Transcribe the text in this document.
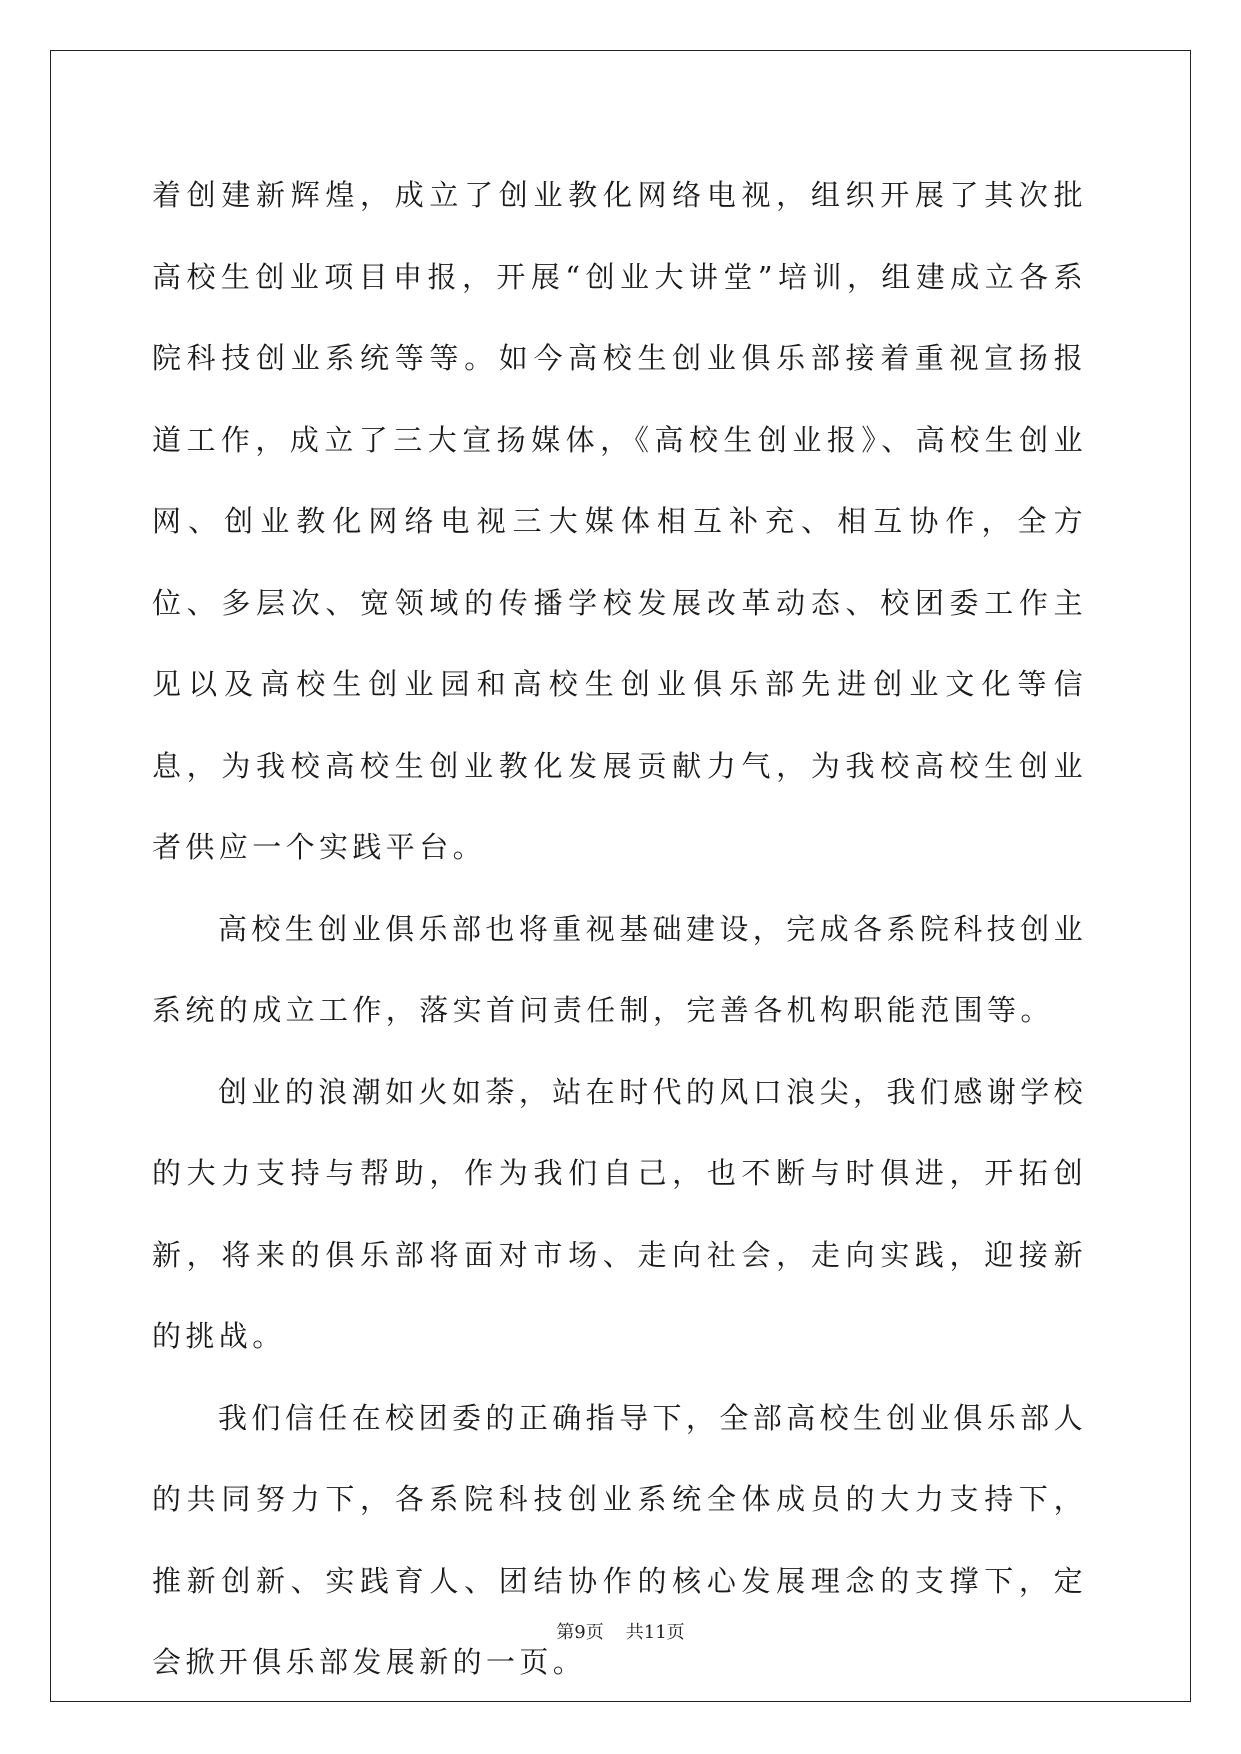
着创建新辉煌，成立了创业教化网络电视，组织开展了其次批高校生创业项目申报，开展“创业大讲堂”培训，组建成立各系院科技创业系统等等。如今高校生创业俱乐部接着重视宣扬报道工作，成立了三大宣扬媒体，《高校生创业报》、高校生创业网、创业教化网络电视三大媒体相互补充、相互协作，全方位、多层次、宽领域的传播学校发展改革动态、校团委工作主见以及高校生创业园和高校生创业俱乐部先进创业文化等信息，为我校高校生创业教化发展贡献力气，为我校高校生创业者供应一个实践平台。

高校生创业俱乐部也将重视基础建设，完成各系院科技创业系统的成立工作，落实首问责任制，完善各机构职能范围等。

创业的浪潮如火如荼，站在时代的风口浪尖，我们感谢学校的大力支持与帮助，作为我们自己，也不断与时俱进，开拓创新，将来的俱乐部将面对市场、走向社会，走向实践，迎接新的挑战。

我们信任在校团委的正确指导下，全部高校生创业俱乐部人的共同努力下，各系院科技创业系统全体成员的大力支持下，推新创新、实践育人、团结协作的核心发展理念的支撑下，定会掀开俱乐部发展新的一页。

第9页 共11页
